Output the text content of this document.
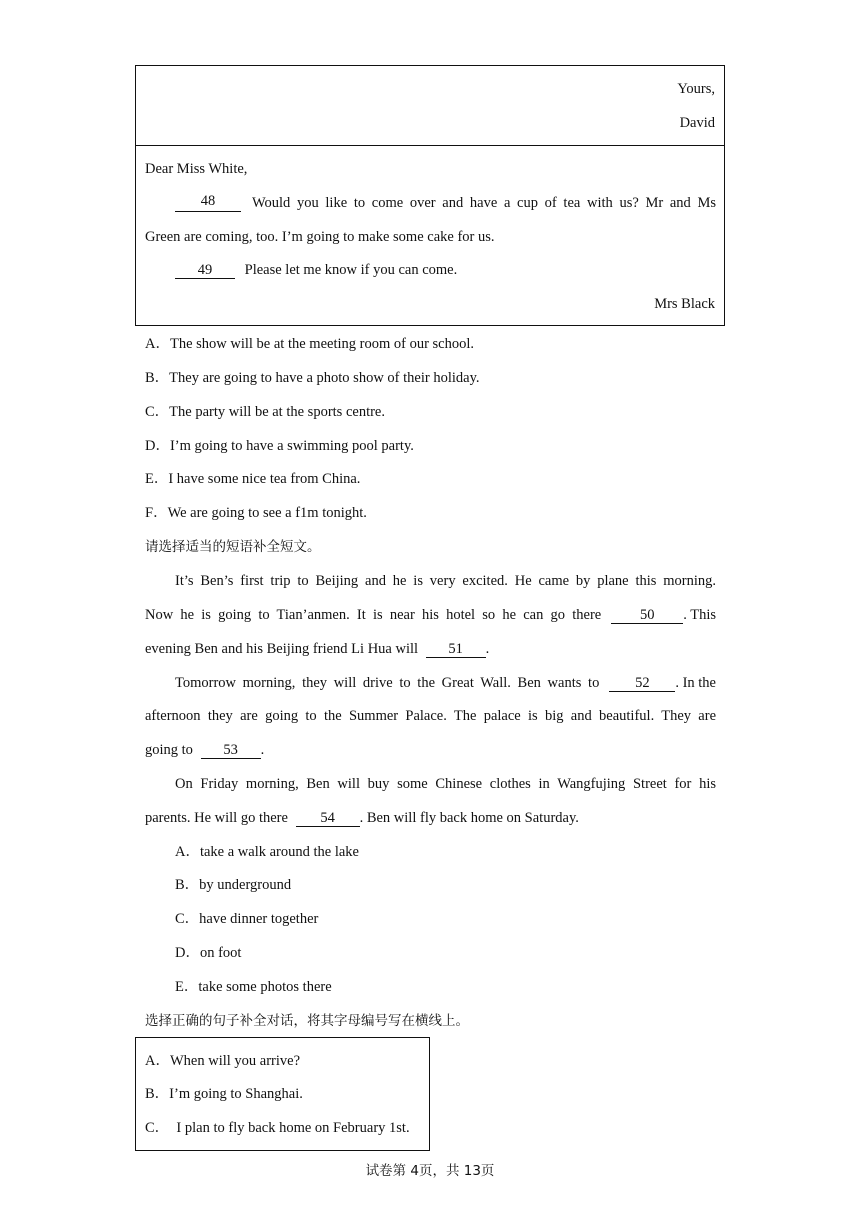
Yours,
David
Dear Miss White,
48	Would you like to come over and have a cup of tea with us? Mr and Ms
Green are coming, too. I’m going to make some cake for us.
49 Please let me know if you can come.
Mrs Black
A．The show will be at the meeting room of our school.
B．They are going to have a photo show of their holiday.
C．The party will be at the sports centre.
D．I’m going to have a swimming pool party.
E．I have some nice tea from China.
F．We are going to see a f1m tonight.
请选择适当的短语补全短文。
It’s Ben’s first trip to Beijing and he is very excited. He came by plane this morning.
Now he is going to Tian’anmen. It is near his hotel so he can go there	50	. This
evening Ben and his Beijing friend Li Hua will 51 .
Tomorrow morning, they will drive to the Great Wall. Ben wants to	52	. In the
afternoon they are going to the Summer Palace. The palace is big and beautiful. They are
going to 53 .
On Friday morning, Ben will buy some Chinese clothes in Wangfujing Street for his
parents. He will go there 54 . Ben will fly back home on Saturday.
A．take a walk around the lake
B．by underground
C．have dinner together
D．on foot
E．take some photos there
选择正确的句子补全对话，将其字母编号写在横线上。
A．When will you arrive?
B．I’m going to Shanghai.
C．  I plan to fly back home on February 1st.
试卷第 4页，共 13页
